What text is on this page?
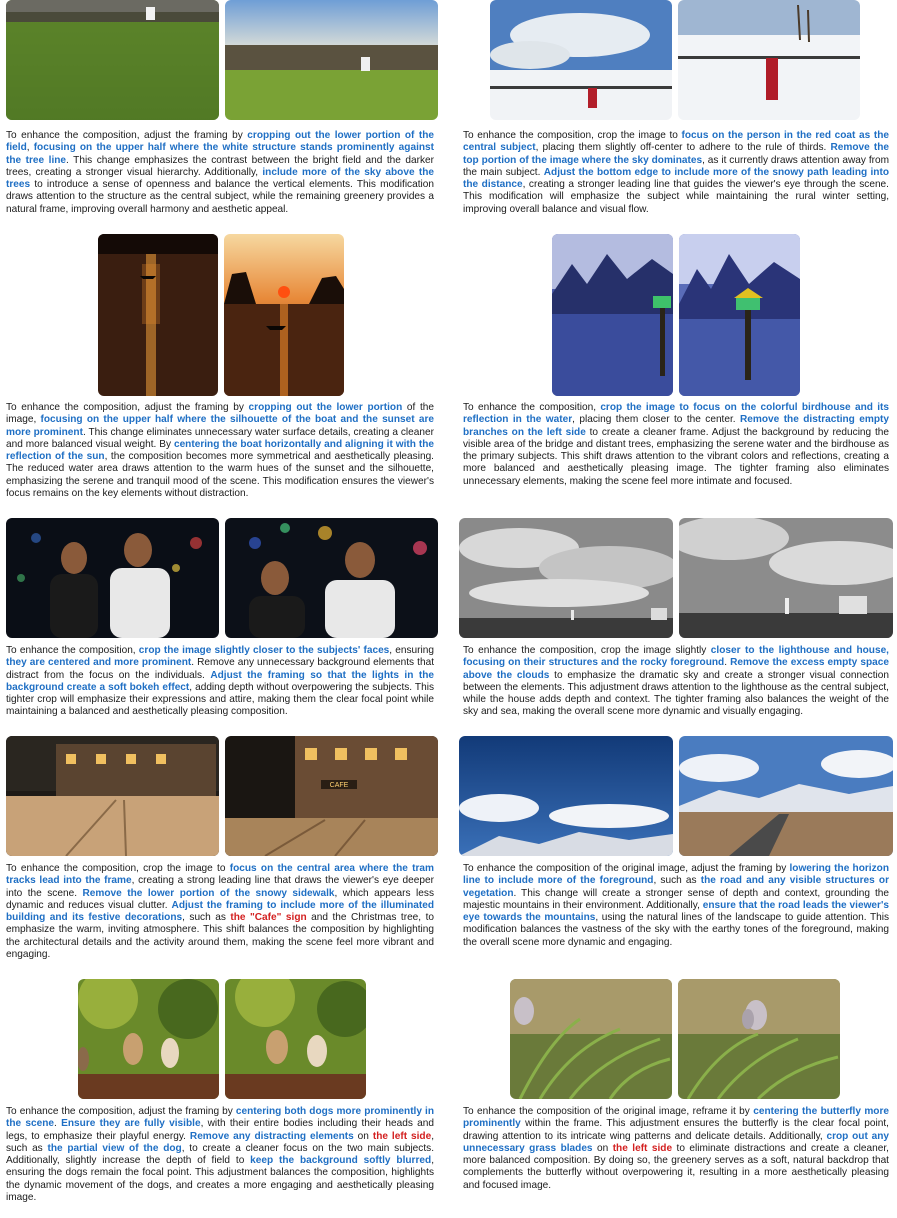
To enhance the composition, adjust the framing by cropping out the lower portion of the field, focusing on the upper half where the white structure stands prominently against the tree line. This change emphasizes the contrast between the bright field and the darker trees, creating a stronger visual hierarchy. Additionally, include more of the sky above the trees to introduce a sense of openness and balance the vertical elements. This modification draws attention to the structure as the central subject, while the remaining greenery provides a natural frame, improving overall harmony and aesthetic appeal.
To enhance the composition, crop the image to focus on the person in the red coat as the central subject, placing them slightly off-center to adhere to the rule of thirds. Remove the top portion of the image where the sky dominates, as it currently draws attention away from the main subject. Adjust the bottom edge to include more of the snowy path leading into the distance, creating a stronger leading line that guides the viewer's eye through the scene. This modification will emphasize the subject while maintaining the rural winter setting, improving overall balance and visual flow.
To enhance the composition, adjust the framing by cropping out the lower portion of the image, focusing on the upper half where the silhouette of the boat and the sunset are more prominent. This change eliminates unnecessary water surface details, creating a cleaner and more balanced visual weight. By centering the boat horizontally and aligning it with the reflection of the sun, the composition becomes more symmetrical and aesthetically pleasing. The reduced water area draws attention to the warm hues of the sunset and the silhouette, emphasizing the serene and tranquil mood of the scene. This modification ensures the viewer's focus remains on the key elements without distraction.
To enhance the composition, crop the image to focus on the colorful birdhouse and its reflection in the water, placing them closer to the center. Remove the distracting empty branches on the left side to create a cleaner frame. Adjust the background by reducing the visible area of the bridge and distant trees, emphasizing the serene water and the birdhouse as the primary subjects. This shift draws attention to the vibrant colors and reflections, creating a more balanced and aesthetically pleasing image. The tighter framing also eliminates unnecessary elements, making the scene feel more intimate and focused.
To enhance the composition, crop the image slightly closer to the subjects' faces, ensuring they are centered and more prominent. Remove any unnecessary background elements that distract from the focus on the individuals. Adjust the framing so that the lights in the background create a soft bokeh effect, adding depth without overpowering the subjects. This tighter crop will emphasize their expressions and attire, making them the clear focal point while maintaining a balanced and aesthetically pleasing composition.
To enhance the composition, crop the image slightly closer to the lighthouse and house, focusing on their structures and the rocky foreground. Remove the excess empty space above the clouds to emphasize the dramatic sky and create a stronger visual connection between the elements. This adjustment draws attention to the lighthouse as the central subject, while the house adds depth and context. The tighter framing also balances the weight of the sky and sea, making the overall scene more dynamic and visually engaging.
CAFE
To enhance the composition, crop the image to focus on the central area where the tram tracks lead into the frame, creating a strong leading line that draws the viewer's eye deeper into the scene. Remove the lower portion of the snowy sidewalk, which appears less dynamic and reduces visual clutter. Adjust the framing to include more of the illuminated building and its festive decorations, such as the "Cafe" sign and the Christmas tree, to emphasize the warm, inviting atmosphere. This shift balances the composition by highlighting the architectural details and the activity around them, making the scene feel more vibrant and engaging.
To enhance the composition of the original image, adjust the framing by lowering the horizon line to include more of the foreground, such as the road and any visible structures or vegetation. This change will create a stronger sense of depth and context, grounding the majestic mountains in their environment. Additionally, ensure that the road leads the viewer's eye towards the mountains, using the natural lines of the landscape to guide attention. This modification balances the vastness of the sky with the earthy tones of the foreground, making the overall scene more dynamic and engaging.
To enhance the composition, adjust the framing by centering both dogs more prominently in the scene. Ensure they are fully visible, with their entire bodies including their heads and legs, to emphasize their playful energy. Remove any distracting elements on the left side, such as the partial view of the dog, to create a cleaner focus on the two main subjects. Additionally, slightly increase the depth of field to keep the background softly blurred, ensuring the dogs remain the focal point. This adjustment balances the composition, highlights the dynamic movement of the dogs, and creates a more engaging and aesthetically pleasing image.
To enhance the composition of the original image, reframe it by centering the butterfly more prominently within the frame. This adjustment ensures the butterfly is the clear focal point, drawing attention to its intricate wing patterns and delicate details. Additionally, crop out any unnecessary grass blades on the left side to eliminate distractions and create a cleaner, more balanced composition. By doing so, the greenery serves as a soft, natural backdrop that complements the butterfly without overpowering it, resulting in a more aesthetically pleasing and focused image.
